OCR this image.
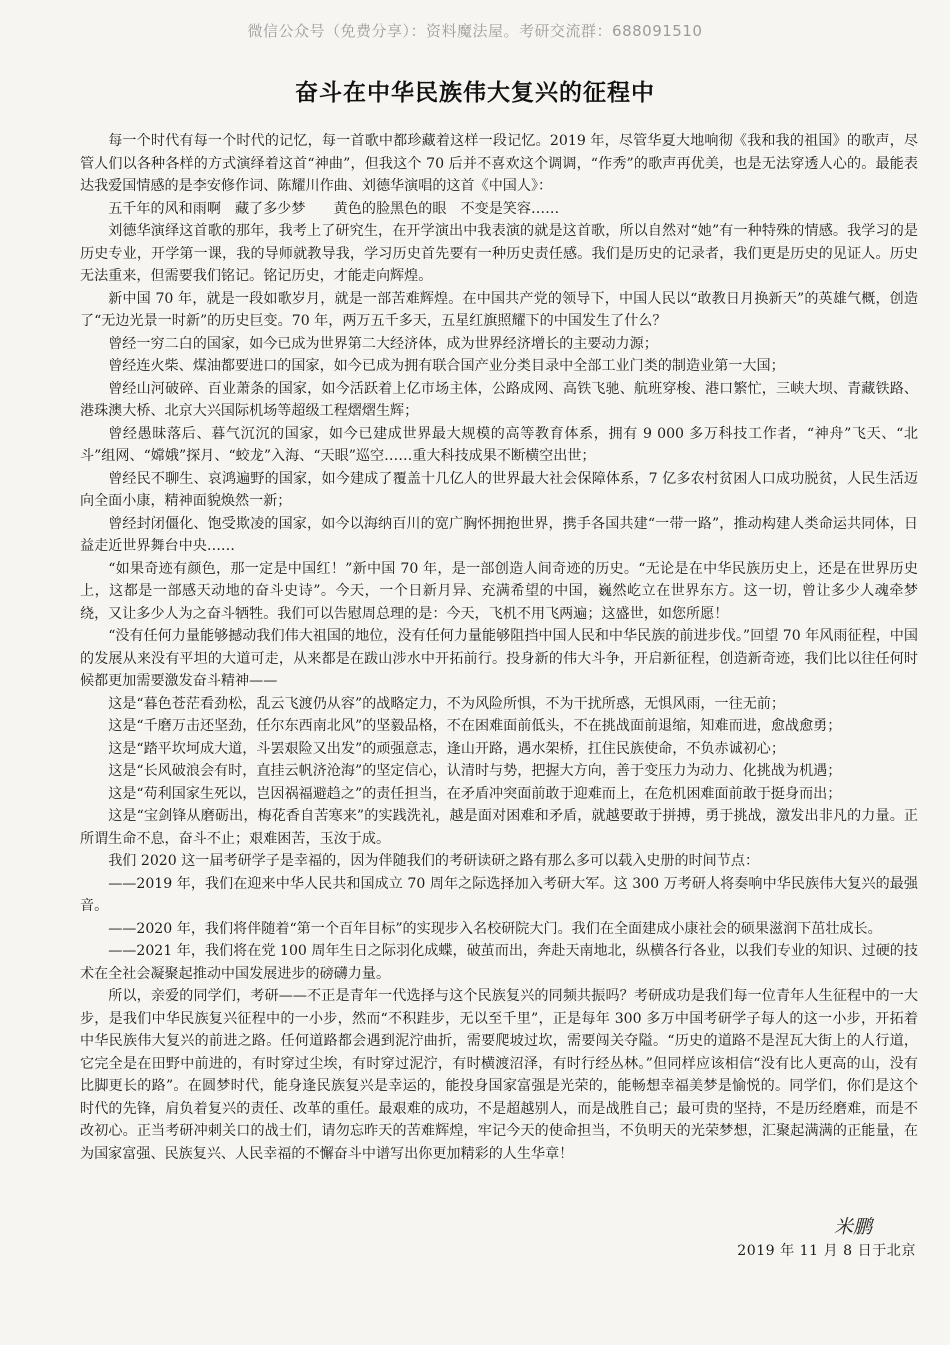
微信公众号（免费分享）：资料魔法屋。考研交流群：688091510
奋斗在中华民族伟大复兴的征程中

每一个时代有每一个时代的记忆，每一首歌中都珍藏着这样一段记忆。2019 年，尽管华夏大地响彻《我和我的祖国》的歌声，尽管人们以各种各样的方式演绎着这首“神曲”，但我这个 70 后并不喜欢这个调调，“作秀”的歌声再优美，也是无法穿透人心的。最能表达我爱国情感的是李安修作词、陈耀川作曲、刘德华演唱的这首《中国人》：

五千年的风和雨啊　藏了多少梦　　黄色的脸黑色的眼　不变是笑容……

刘德华演绎这首歌的那年，我考上了研究生，在开学演出中我表演的就是这首歌，所以自然对“她”有一种特殊的情感。我学习的是历史专业，开学第一课，我的导师就教导我，学习历史首先要有一种历史责任感。我们是历史的记录者，我们更是历史的见证人。历史无法重来，但需要我们铭记。铭记历史，才能走向辉煌。

新中国 70 年，就是一段如歌岁月，就是一部苦难辉煌。在中国共产党的领导下，中国人民以“敢教日月换新天”的英雄气概，创造了“无边光景一时新”的历史巨变。70 年，两万五千多天，五星红旗照耀下的中国发生了什么？

曾经一穷二白的国家，如今已成为世界第二大经济体，成为世界经济增长的主要动力源；

曾经连火柴、煤油都要进口的国家，如今已成为拥有联合国产业分类目录中全部工业门类的制造业第一大国；

曾经山河破碎、百业萧条的国家，如今活跃着上亿市场主体，公路成网、高铁飞驰、航班穿梭、港口繁忙，三峡大坝、青藏铁路、港珠澳大桥、北京大兴国际机场等超级工程熠熠生辉；

曾经愚昧落后、暮气沉沉的国家，如今已建成世界最大规模的高等教育体系，拥有 9 000 多万科技工作者，“神舟”飞天、“北斗”组网、“嫦娥”探月、“蛟龙”入海、“天眼”巡空……重大科技成果不断横空出世；

曾经民不聊生、哀鸿遍野的国家，如今建成了覆盖十几亿人的世界最大社会保障体系，7 亿多农村贫困人口成功脱贫，人民生活迈向全面小康，精神面貌焕然一新；

曾经封闭僵化、饱受欺凌的国家，如今以海纳百川的宽广胸怀拥抱世界，携手各国共建“一带一路”，推动构建人类命运共同体，日益走近世界舞台中央……

“如果奇迹有颜色，那一定是中国红！”新中国 70 年，是一部创造人间奇迹的历史。“无论是在中华民族历史上，还是在世界历史上，这都是一部感天动地的奋斗史诗”。今天，一个日新月异、充满希望的中国，巍然屹立在世界东方。这一切，曾让多少人魂牵梦绕，又让多少人为之奋斗牺牲。我们可以告慰周总理的是：今天，飞机不用飞两遍；这盛世，如您所愿！

“没有任何力量能够撼动我们伟大祖国的地位，没有任何力量能够阻挡中国人民和中华民族的前进步伐。”回望 70 年风雨征程，中国的发展从来没有平坦的大道可走，从来都是在跋山涉水中开拓前行。投身新的伟大斗争，开启新征程，创造新奇迹，我们比以往任何时候都更加需要激发奋斗精神——

这是“暮色苍茫看劲松，乱云飞渡仍从容”的战略定力，不为风险所惧，不为干扰所惑，无惧风雨，一往无前；

这是“千磨万击还坚劲，任尔东西南北风”的坚毅品格，不在困难面前低头，不在挑战面前退缩，知难而进，愈战愈勇；

这是“踏平坎坷成大道，斗罢艰险又出发”的顽强意志，逢山开路，遇水架桥，扛住民族使命，不负赤诚初心；

这是“长风破浪会有时，直挂云帆济沧海”的坚定信心，认清时与势，把握大方向，善于变压力为动力、化挑战为机遇；

这是“苟利国家生死以，岂因祸福避趋之”的责任担当，在矛盾冲突面前敢于迎难而上，在危机困难面前敢于挺身而出；

这是“宝剑锋从磨砺出，梅花香自苦寒来”的实践洗礼，越是面对困难和矛盾，就越要敢于拼搏，勇于挑战，激发出非凡的力量。正所谓生命不息，奋斗不止；艰难困苦，玉汝于成。

我们 2020 这一届考研学子是幸福的，因为伴随我们的考研读研之路有那么多可以载入史册的时间节点：

——2019 年，我们在迎来中华人民共和国成立 70 周年之际选择加入考研大军。这 300 万考研人将奏响中华民族伟大复兴的最强音。

——2020 年，我们将伴随着“第一个百年目标”的实现步入名校研院大门。我们在全面建成小康社会的硕果滋润下茁壮成长。

——2021 年，我们将在党 100 周年生日之际羽化成蝶，破茧而出，奔赴天南地北，纵横各行各业，以我们专业的知识、过硬的技术在全社会凝聚起推动中国发展进步的磅礴力量。

所以，亲爱的同学们，考研——不正是青年一代选择与这个民族复兴的同频共振吗？考研成功是我们每一位青年人生征程中的一大步，是我们中华民族复兴征程中的一小步，然而“不积跬步，无以至千里”，正是每年 300 多万中国考研学子每人的这一小步，开拓着中华民族伟大复兴的前进之路。任何道路都会遇到泥泞曲折，需要爬坡过坎，需要闯关夺隘。“历史的道路不是涅瓦大街上的人行道，它完全是在田野中前进的，有时穿过尘埃，有时穿过泥泞，有时横渡沼泽，有时行经丛林。”但同样应该相信“没有比人更高的山，没有比脚更长的路”。在圆梦时代，能身逢民族复兴是幸运的，能投身国家富强是光荣的，能畅想幸福美梦是愉悦的。同学们，你们是这个时代的先锋，肩负着复兴的责任、改革的重任。最艰难的成功，不是超越别人，而是战胜自己；最可贵的坚持，不是历经磨难，而是不改初心。正当考研冲刺关口的战士们，请勿忘昨天的苦难辉煌，牢记今天的使命担当，不负明天的光荣梦想，汇聚起满满的正能量，在为国家富强、民族复兴、人民幸福的不懈奋斗中谱写出你更加精彩的人生华章！

米鹏
2019 年 11 月 8 日于北京
